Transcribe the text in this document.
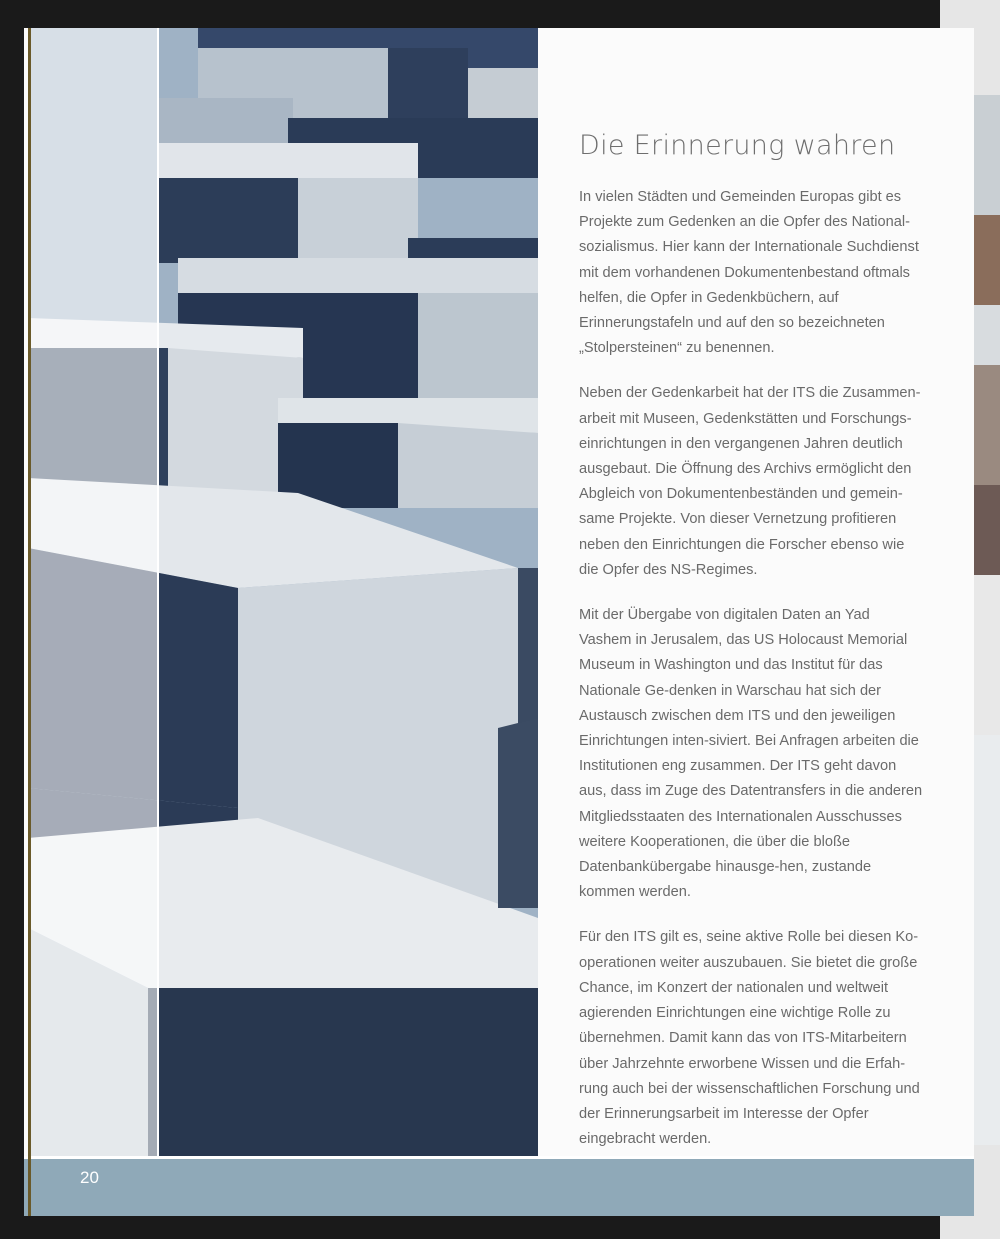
Die Erinnerung wahren

In vielen Städten und Gemeinden Europas gibt es Projekte zum Gedenken an die Opfer des National-sozialismus. Hier kann der Internationale Suchdienst mit dem vorhandenen Dokumentenbestand oftmals helfen, die Opfer in Gedenkbüchern, auf Erinnerungstafeln und auf den so bezeichneten „Stolpersteinen“ zu benennen.

Neben der Gedenkarbeit hat der ITS die Zusammen-arbeit mit Museen, Gedenkstätten und Forschungs-einrichtungen in den vergangenen Jahren deutlich ausgebaut. Die Öffnung des Archivs ermöglicht den Abgleich von Dokumentenbeständen und gemein-same Projekte. Von dieser Vernetzung profitieren neben den Einrichtungen die Forscher ebenso wie die Opfer des NS-Regimes.

Mit der Übergabe von digitalen Daten an Yad Vashem in Jerusalem, das US Holocaust Memorial Museum in Washington und das Institut für das Nationale Ge-denken in Warschau hat sich der Austausch zwischen dem ITS und den jeweiligen Einrichtungen inten-siviert. Bei Anfragen arbeiten die Institutionen eng zusammen. Der ITS geht davon aus, dass im Zuge des Datentransfers in die anderen Mitgliedsstaaten des Internationalen Ausschusses weitere Kooperationen, die über die bloße Datenbankübergabe hinausge-hen, zustande kommen werden.

Für den ITS gilt es, seine aktive Rolle bei diesen Ko-operationen weiter auszubauen. Sie bietet die große Chance, im Konzert der nationalen und weltweit agierenden Einrichtungen eine wichtige Rolle zu übernehmen. Damit kann das von ITS-Mitarbeitern über Jahrzehnte erworbene Wissen und die Erfah-rung auch bei der wissenschaftlichen Forschung und der Erinnerungsarbeit im Interesse der Opfer eingebracht werden.

20
